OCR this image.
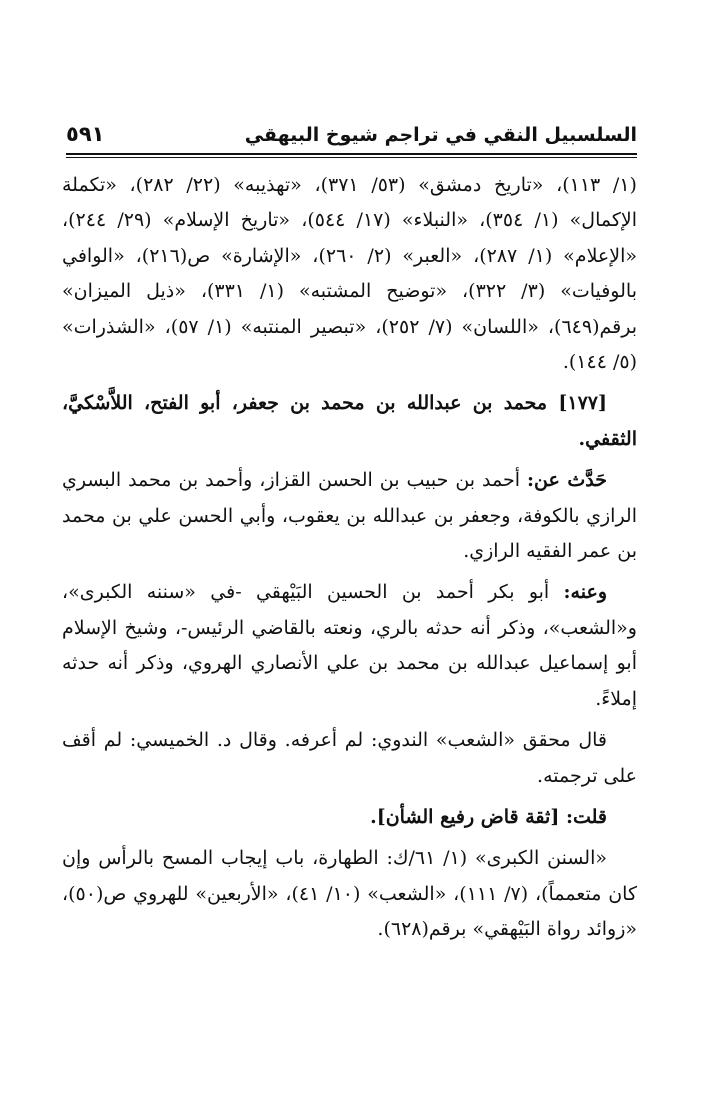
السلسبيل النقي في تراجم شيوخ البيهقي
٥٩١

(١/ ١١٣)، «تاريخ دمشق» (٥٣/ ٣٧١)، «تهذيبه» (٢٢/ ٢٨٢)، «تكملة الإكمال» (١/ ٣٥٤)، «النبلاء» (١٧/ ٥٤٤)، «تاريخ الإسلام» (٢٩/ ٢٤٤)، «الإعلام» (١/ ٢٨٧)، «العبر» (٢/ ٢٦٠)، «الإشارة» ص(٢١٦)، «الوافي بالوفيات» (٣/ ٣٢٢)، «توضيح المشتبه» (١/ ٣٣١)، «ذيل الميزان» برقم(٦٤٩)، «اللسان» (٧/ ٢٥٢)، «تبصير المنتبه» (١/ ٥٧)، «الشذرات» (٥/ ١٤٤).

[١٧٧] محمد بن عبدالله بن محمد بن جعفر، أبو الفتح، اللاَّسْكيَّ، الثقفي.

حَدَّث عن: أحمد بن حبيب بن الحسن القزاز، وأحمد بن محمد البسري الرازي بالكوفة، وجعفر بن عبدالله بن يعقوب، وأبي الحسن علي بن محمد بن عمر الفقيه الرازي.

وعنه: أبو بكر أحمد بن الحسين البَيْهقي -في «سننه الكبرى»، و«الشعب»، وذكر أنه حدثه بالري، ونعته بالقاضي الرئيس-، وشيخ الإسلام أبو إسماعيل عبدالله بن محمد بن علي الأنصاري الهروي، وذكر أنه حدثه إملاءً.

قال محقق «الشعب» الندوي: لم أعرفه. وقال د. الخميسي: لم أقف على ترجمته.

قلت: [ثقة قاض رفيع الشأن].

«السنن الكبرى» (١/ ٦١/ك: الطهارة، باب إيجاب المسح بالرأس وإن كان متعمماً)، (٧/ ١١١)، «الشعب» (١٠/ ٤١)، «الأربعين» للهروي ص(٥٠)، «زوائد رواة البَيْهقي» برقم(٦٢٨).
